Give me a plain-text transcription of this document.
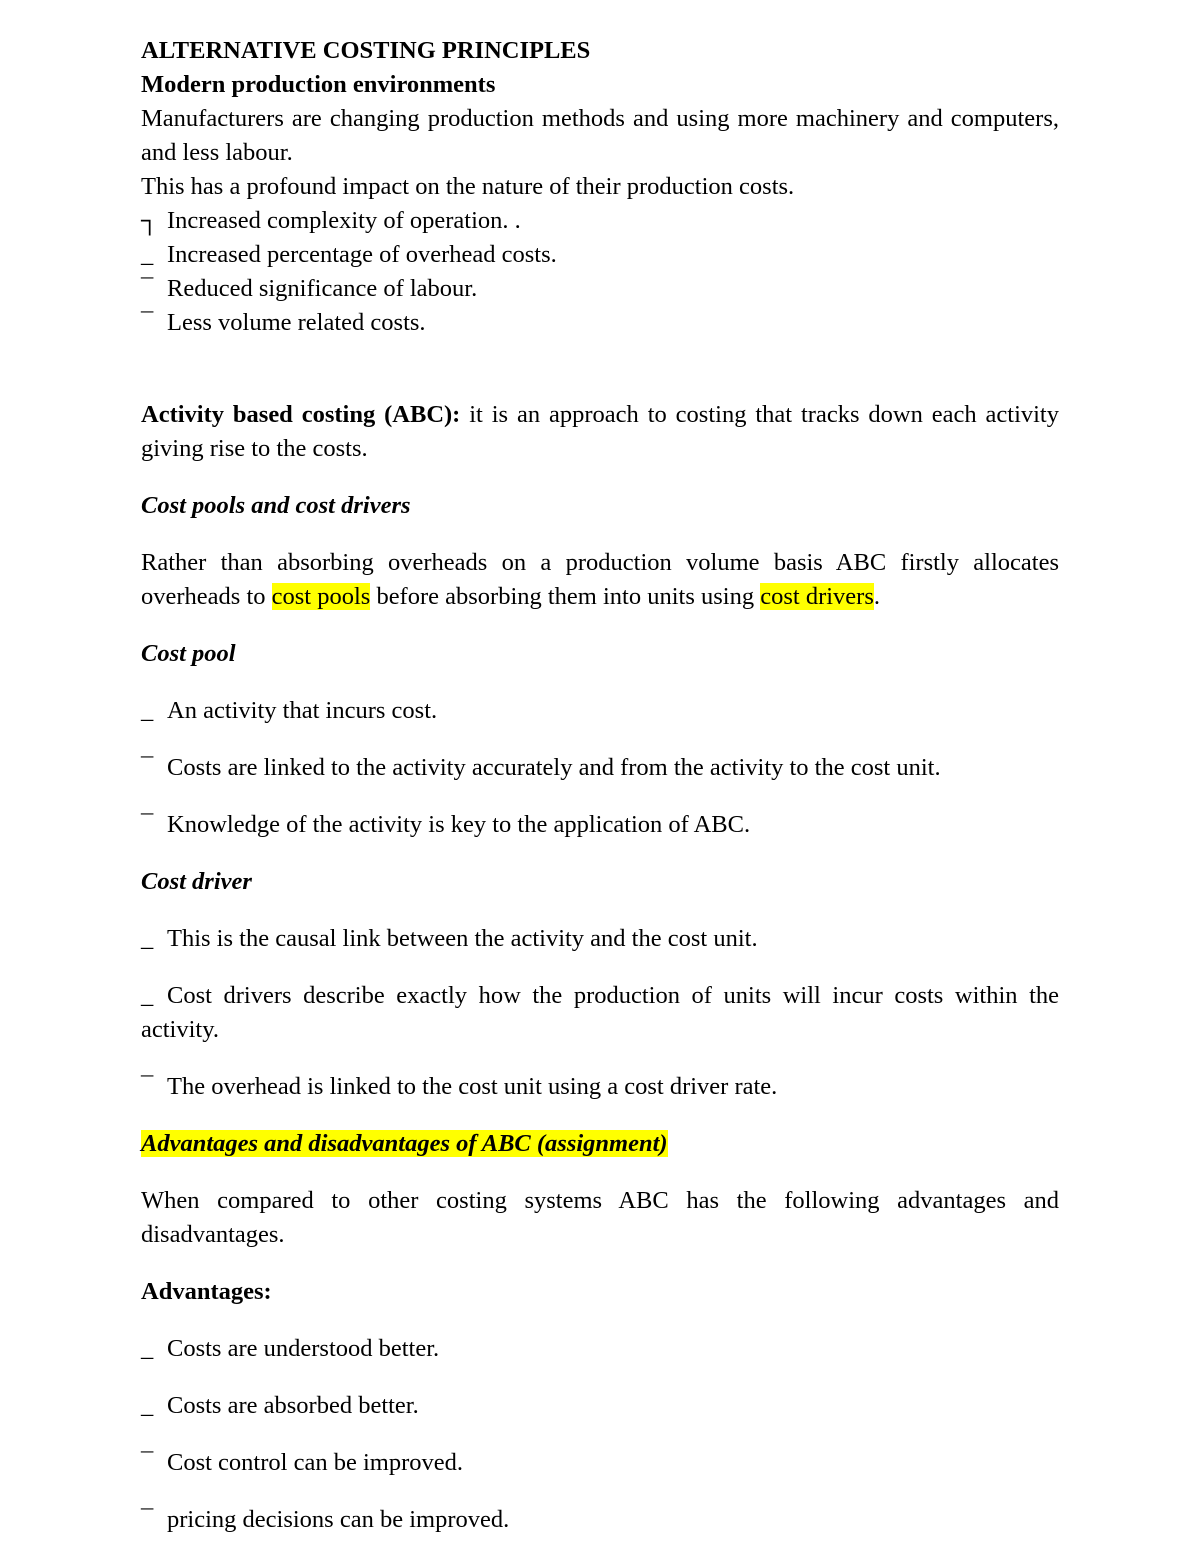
ALTERNATIVE COSTING PRINCIPLES

Modern production environments

Manufacturers are changing production methods and using more machinery and computers, and less labour.

This has a profound impact on the nature of their production costs.

┐ Increased complexity of operation. .

_ Increased percentage of overhead costs.

¯ Reduced significance of labour.

¯ Less volume related costs.

Activity based costing (ABC): it is an approach to costing that tracks down each activity giving rise to the costs.

Cost pools and cost drivers

Rather than absorbing overheads on a production volume basis ABC firstly allocates overheads to cost pools before absorbing them into units using cost drivers.

Cost pool

_ An activity that incurs cost.

¯ Costs are linked to the activity accurately and from the activity to the cost unit.

¯ Knowledge of the activity is key to the application of ABC.

Cost driver

_ This is the causal link between the activity and the cost unit.

_ Cost drivers describe exactly how the production of units will incur costs within the activity.

¯ The overhead is linked to the cost unit using a cost driver rate.

Advantages and disadvantages of ABC (assignment)

When compared to other costing systems ABC has the following advantages and disadvantages.

Advantages:

_ Costs are understood better.

_ Costs are absorbed better.

¯ Cost control can be improved.

¯ pricing decisions can be improved.
